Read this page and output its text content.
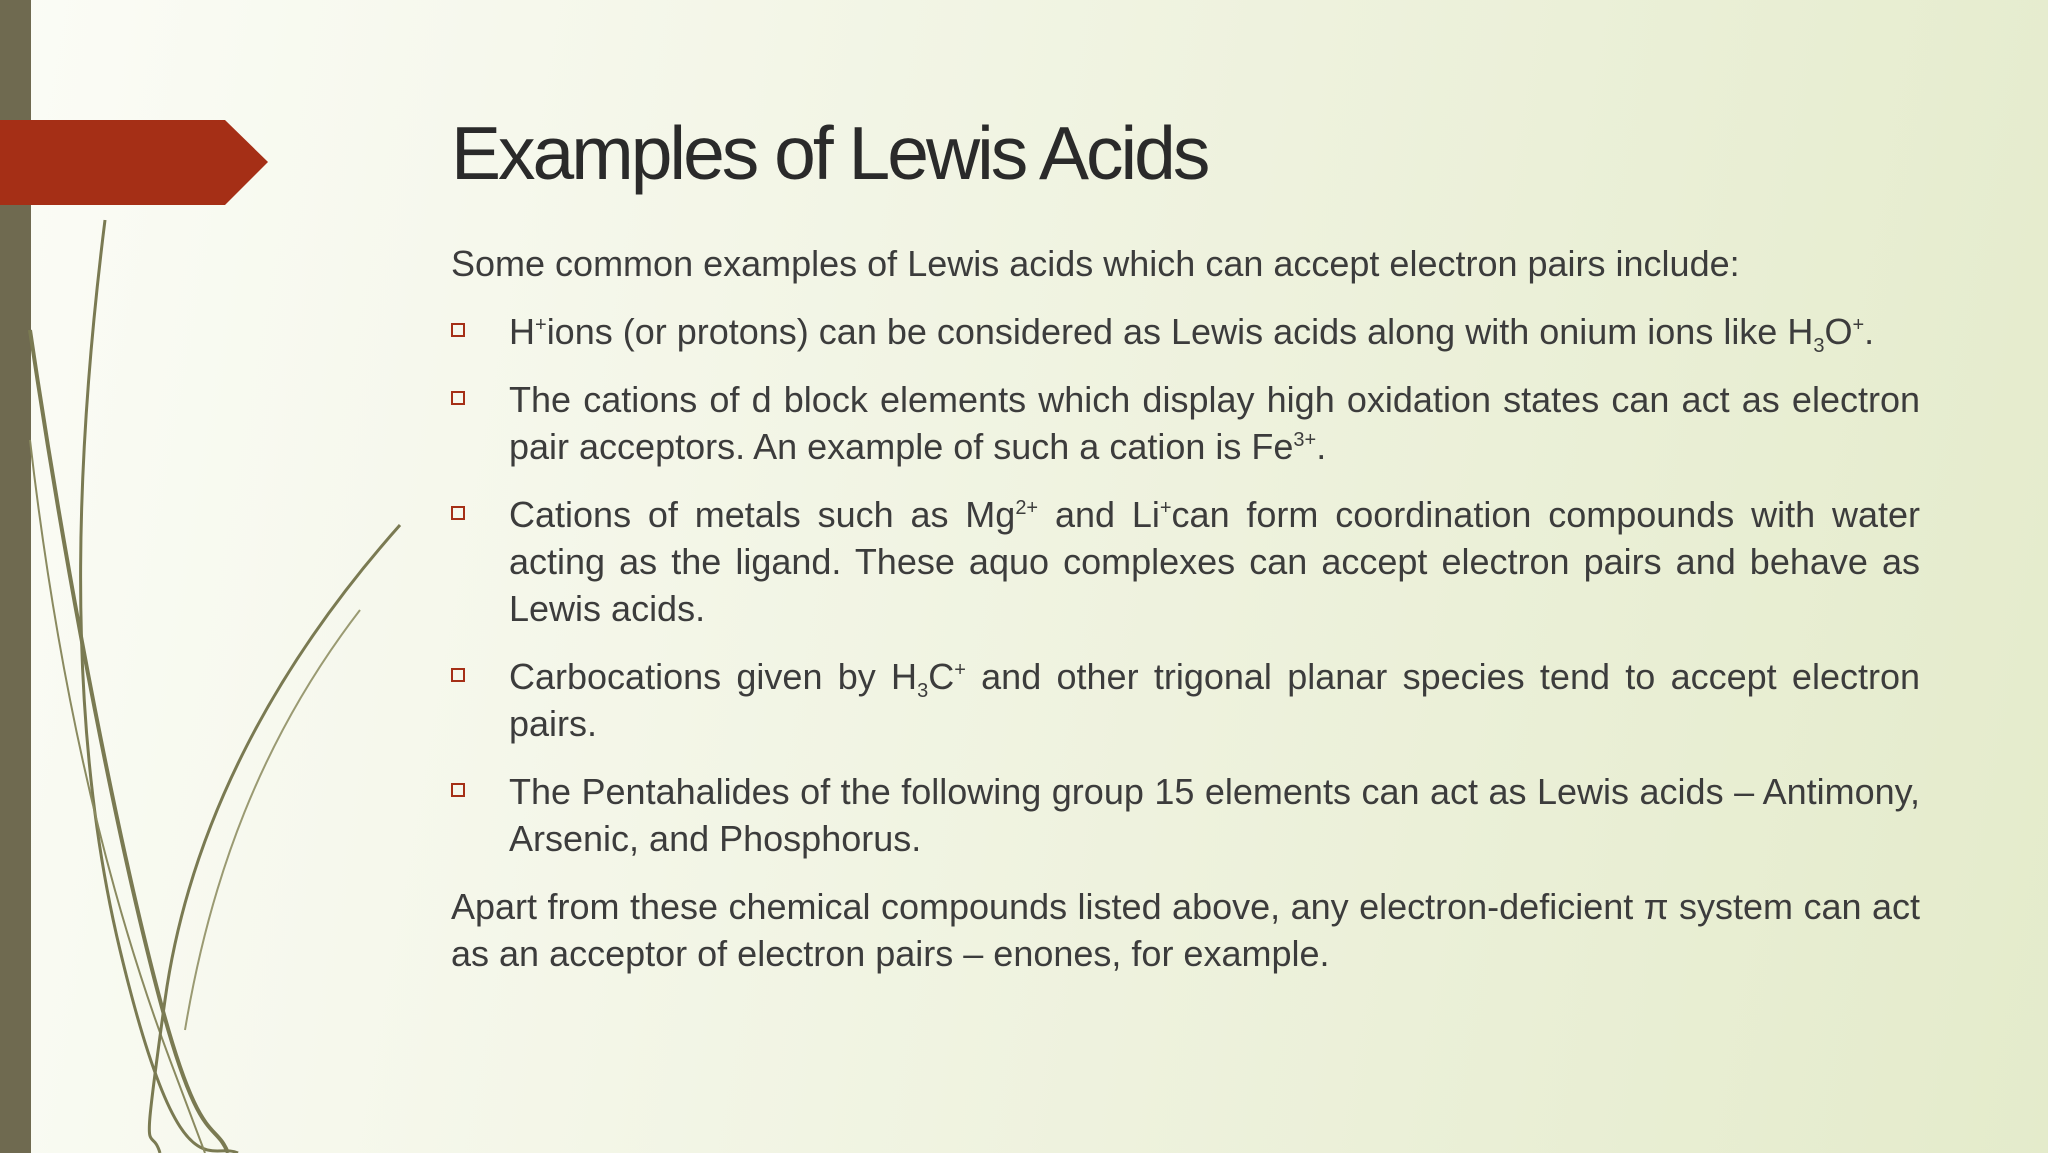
Examples of Lewis Acids

Some common examples of Lewis acids which can accept electron pairs include:

H+ions (or protons) can be considered as Lewis acids along with onium ions like $H_3O^+$.
The cations of d block elements which display high oxidation states can act as electron pair acceptors. An example of such a cation is $Fe^{3+}$.
Cations of metals such as $Mg^{2+}$ and Li+can form coordination compounds with water acting as the ligand. These aquo complexes can accept electron pairs and behave as Lewis acids.
Carbocations given by $H_3C^+$ and other trigonal planar species tend to accept electron pairs.
The Pentahalides of the following group 15 elements can act as Lewis acids – Antimony, Arsenic, and Phosphorus.

Apart from these chemical compounds listed above, any electron-deficient π system can act as an acceptor of electron pairs – enones, for example.
